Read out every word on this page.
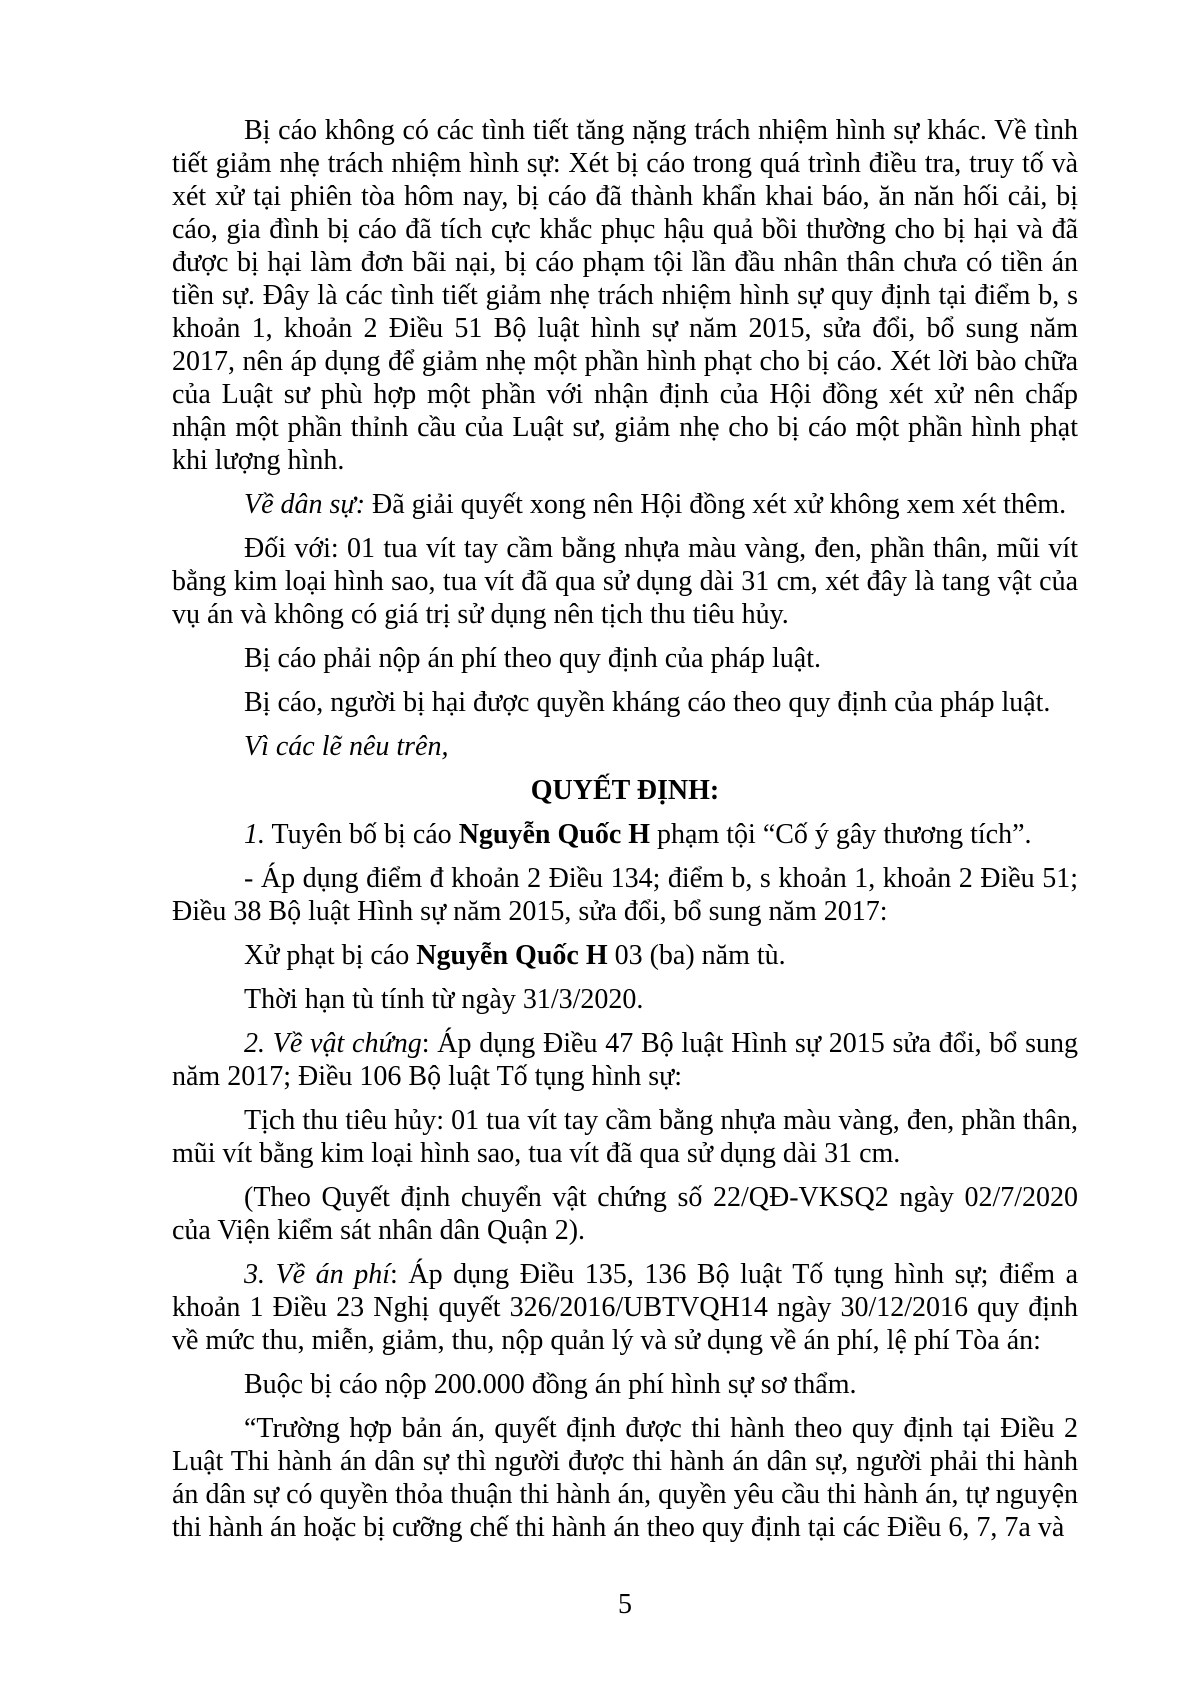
Bị cáo không có các tình tiết tăng nặng trách nhiệm hình sự khác. Về tình tiết giảm nhẹ trách nhiệm hình sự: Xét bị cáo trong quá trình điều tra, truy tố và xét xử tại phiên tòa hôm nay, bị cáo đã thành khẩn khai báo, ăn năn hối cải, bị cáo, gia đình bị cáo đã tích cực khắc phục hậu quả bồi thường cho bị hại và đã được bị hại làm đơn bãi nại, bị cáo phạm tội lần đầu nhân thân chưa có tiền án tiền sự. Đây là các tình tiết giảm nhẹ trách nhiệm hình sự quy định tại điểm b, s khoản 1, khoản 2 Điều 51 Bộ luật hình sự năm 2015, sửa đổi, bổ sung năm 2017, nên áp dụng để giảm nhẹ một phần hình phạt cho bị cáo. Xét lời bào chữa của Luật sư phù hợp một phần với nhận định của Hội đồng xét xử nên chấp nhận một phần thỉnh cầu của Luật sư, giảm nhẹ cho bị cáo một phần hình phạt khi lượng hình.

Về dân sự: Đã giải quyết xong nên Hội đồng xét xử không xem xét thêm.

Đối với: 01 tua vít tay cầm bằng nhựa màu vàng, đen, phần thân, mũi vít bằng kim loại hình sao, tua vít đã qua sử dụng dài 31 cm, xét đây là tang vật của vụ án và không có giá trị sử dụng nên tịch thu tiêu hủy.

Bị cáo phải nộp án phí theo quy định của pháp luật.

Bị cáo, người bị hại được quyền kháng cáo theo quy định của pháp luật.

Vì các lẽ nêu trên,

QUYẾT ĐỊNH:

1. Tuyên bố bị cáo Nguyễn Quốc H phạm tội “Cố ý gây thương tích”.

- Áp dụng điểm đ khoản 2 Điều 134; điểm b, s khoản 1, khoản 2 Điều 51; Điều 38 Bộ luật Hình sự năm 2015, sửa đổi, bổ sung năm 2017:

Xử phạt bị cáo Nguyễn Quốc H 03 (ba) năm tù.

Thời hạn tù tính từ ngày 31/3/2020.

2. Về vật chứng: Áp dụng Điều 47 Bộ luật Hình sự 2015 sửa đổi, bổ sung năm 2017; Điều 106 Bộ luật Tố tụng hình sự:

Tịch thu tiêu hủy: 01 tua vít tay cầm bằng nhựa màu vàng, đen, phần thân, mũi vít bằng kim loại hình sao, tua vít đã qua sử dụng dài 31 cm.

(Theo Quyết định chuyển vật chứng số 22/QĐ-VKSQ2 ngày 02/7/2020 của Viện kiểm sát nhân dân Quận 2).

3. Về án phí: Áp dụng Điều 135, 136 Bộ luật Tố tụng hình sự; điểm a khoản 1 Điều 23 Nghị quyết 326/2016/UBTVQH14 ngày 30/12/2016 quy định về mức thu, miễn, giảm, thu, nộp quản lý và sử dụng về án phí, lệ phí Tòa án:

Buộc bị cáo nộp 200.000 đồng án phí hình sự sơ thẩm.

“Trường hợp bản án, quyết định được thi hành theo quy định tại Điều 2 Luật Thi hành án dân sự thì người được thi hành án dân sự, người phải thi hành án dân sự có quyền thỏa thuận thi hành án, quyền yêu cầu thi hành án, tự nguyện thi hành án hoặc bị cưỡng chế thi hành án theo quy định tại các Điều 6, 7, 7a và

5
